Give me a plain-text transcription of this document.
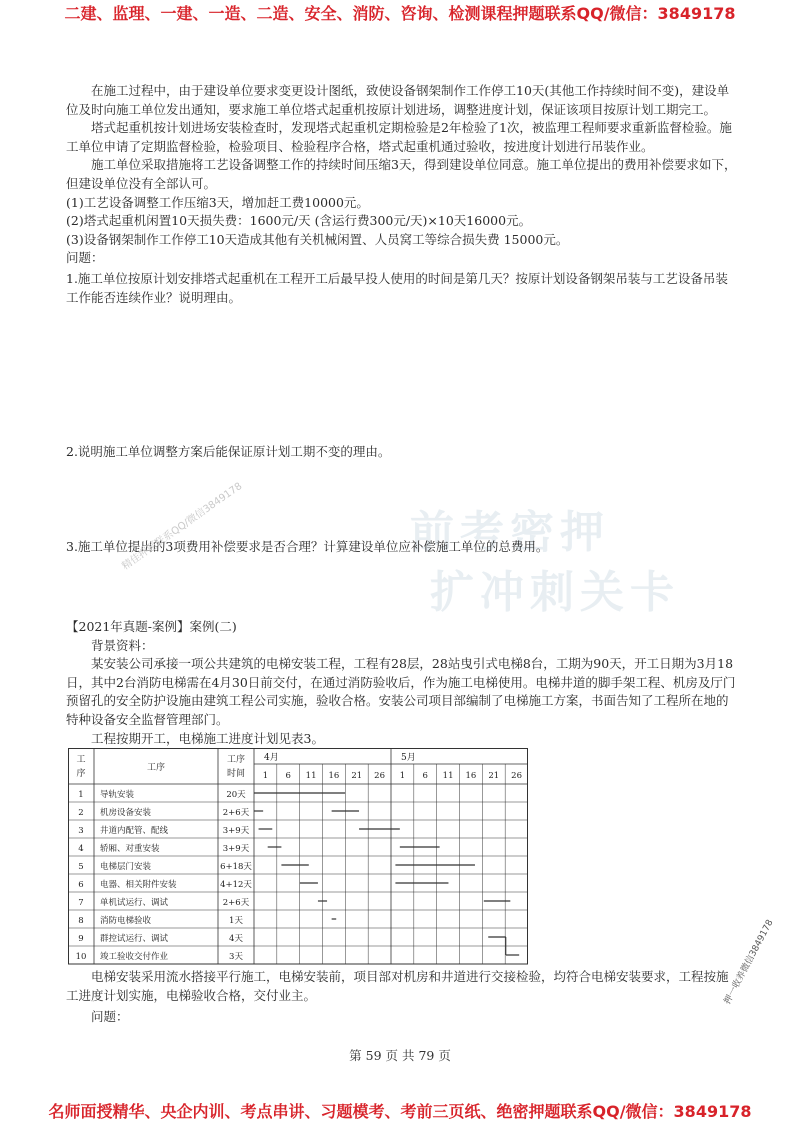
二建、监理、一建、一造、二造、安全、消防、咨询、检测课程押题联系QQ/微信：3849178
前考密押
扩冲刺关卡

在施工过程中，由于建设单位要求变更设计图纸，致使设备钢架制作工作停工10天(其他工作持续时间不变)，建设单位及时向施工单位发出通知，要求施工单位塔式起重机按原计划进场，调整进度计划，保证该项目按原计划工期完工。

塔式起重机按计划进场安装检查时，发现塔式起重机定期检验是2年检验了1次，被监理工程师要求重新监督检验。施工单位申请了定期监督检验，检验项目、检验程序合格，塔式起重机通过验收，按进度计划进行吊装作业。

施工单位采取措施将工艺设备调整工作的持续时间压缩3天，得到建设单位同意。施工单位提出的费用补偿要求如下，但建设单位没有全部认可。

(1)工艺设备调整工作压缩3天，增加赶工费10000元。

(2)塔式起重机闲置10天损失费：1600元/天 (含运行费300元/天)×10天16000元。

(3)设备钢架制作工作停工10天造成其他有关机械闲置、人员窝工等综合损失费 15000元。

问题：

1.施工单位按原计划安排塔式起重机在工程开工后最早投人使用的时间是第几天？按原计划设备钢架吊装与工艺设备吊装工作能否连续作业？说明理由。

2.说明施工单位调整方案后能保证原计划工期不变的理由。
3.施工单位提出的3项费用补偿要求是否合理？计算建设单位应补偿施工单位的总费用。
精佳押题联系QQ/微信3849178

【2021年真题-案例】案例(二)

背景资料：

某安装公司承接一项公共建筑的电梯安装工程，工程有28层，28站曳引式电梯8台，工期为90天，开工日期为3月18日，其中2台消防电梯需在4月30日前交付，在通过消防验收后，作为施工电梯使用。电梯井道的脚手架工程、机房及厅门预留孔的安全防护设施由建筑工程公司实施，验收合格。安装公司项目部编制了电梯施工方案，书面告知了工程所在地的特种设备安全监督管理部门。

工程按期开工，电梯施工进度计划见表3。

工
序
工序
工序
时间
4月	5月
1 6 11 16 21 26 1 6 11 16 21 26
1 导轨安装	20天
2 机房设备安装	2+6天
3 井道内配管、配线	3+9天
4 轿厢、对重安装	3+9天
5 电梯层门安装	6+18天
6 电器、相关附件安装	4+12天
7 单机试运行、调试	2+6天
8 消防电梯验收	1天
9 群控试运行、调试	4天
10 竣工验收交付作业	3天
电梯安装采用流水搭接平行施工，电梯安装前，项目部对机房和井道进行交接检验，均符合电梯安装要求，工程按施工进度计划实施，电梯验收合格，交付业主。
问题：
押一收养微信3849178
第 59 页 共 79 页
名师面授精华、央企内训、考点串讲、习题模考、考前三页纸、绝密押题联系QQ/微信：3849178
